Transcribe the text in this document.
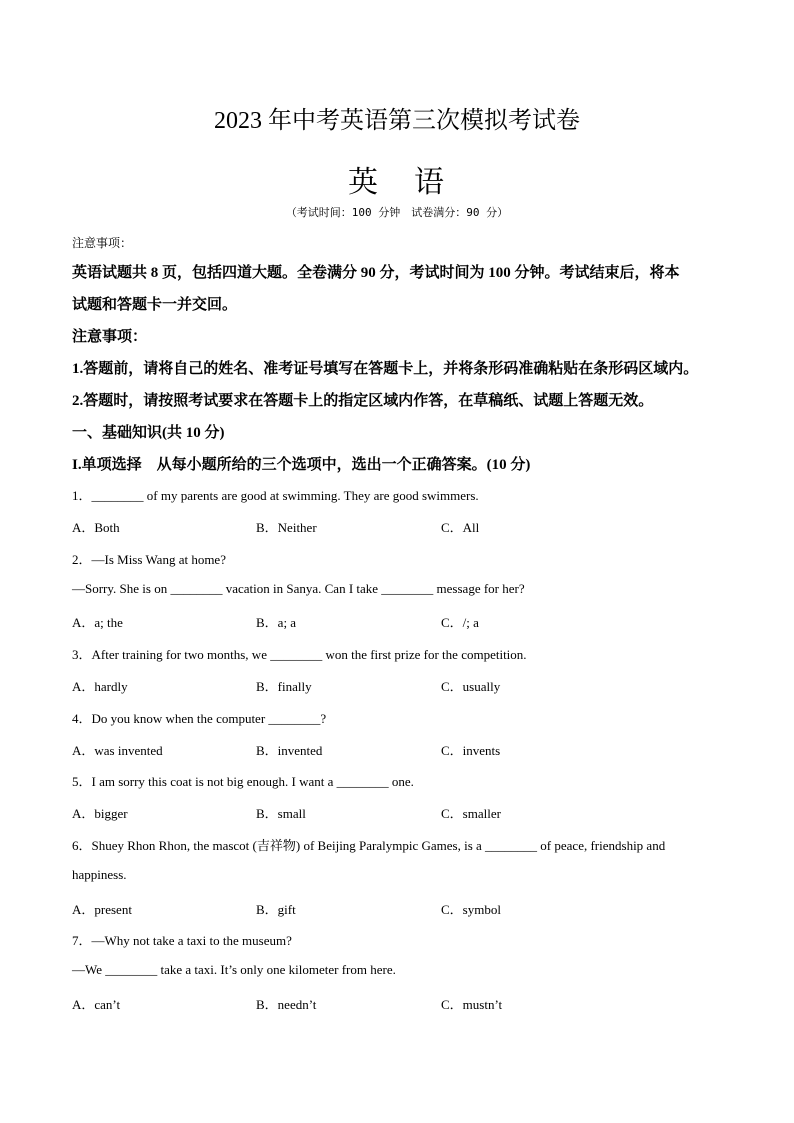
2023 年中考英语第三次模拟考试卷
英 语
（考试时间：100 分钟　试卷满分：90 分）
注意事项：
英语试题共 8 页，包括四道大题。全卷满分 90 分，考试时间为 100 分钟。考试结束后，将本
试题和答题卡一并交回。
注意事项：
1.答题前，请将自己的姓名、准考证号填写在答题卡上，并将条形码准确粘贴在条形码区域内。
2.答题时，请按照考试要求在答题卡上的指定区域内作答，在草稿纸、试题上答题无效。
一、基础知识(共 10 分)
I.单项选择　从每小题所给的三个选项中，选出一个正确答案。(10 分)
1．________ of my parents are good at swimming. They are good swimmers.
A．Both	B．Neither	C．All
2．—Is Miss Wang at home?
—Sorry. She is on ________ vacation in Sanya. Can I take ________ message for her?
A．a; the	B．a; a	C．/; a
3．After training for two months, we ________ won the first prize for the competition.
A．hardly	B．finally	C．usually
4．Do you know when the computer ________?
A．was invented	B．invented	C．invents
5．I am sorry this coat is not big enough. I want a ________ one.
A．bigger	B．small	C．smaller
6．Shuey Rhon Rhon, the mascot (吉祥物) of Beijing Paralympic Games, is a ________ of peace, friendship and
happiness.
A．present	B．gift	C．symbol
7．—Why not take a taxi to the museum?
—We ________ take a taxi. It’s only one kilometer from here.
A．can’t	B．needn’t	C．mustn’t
